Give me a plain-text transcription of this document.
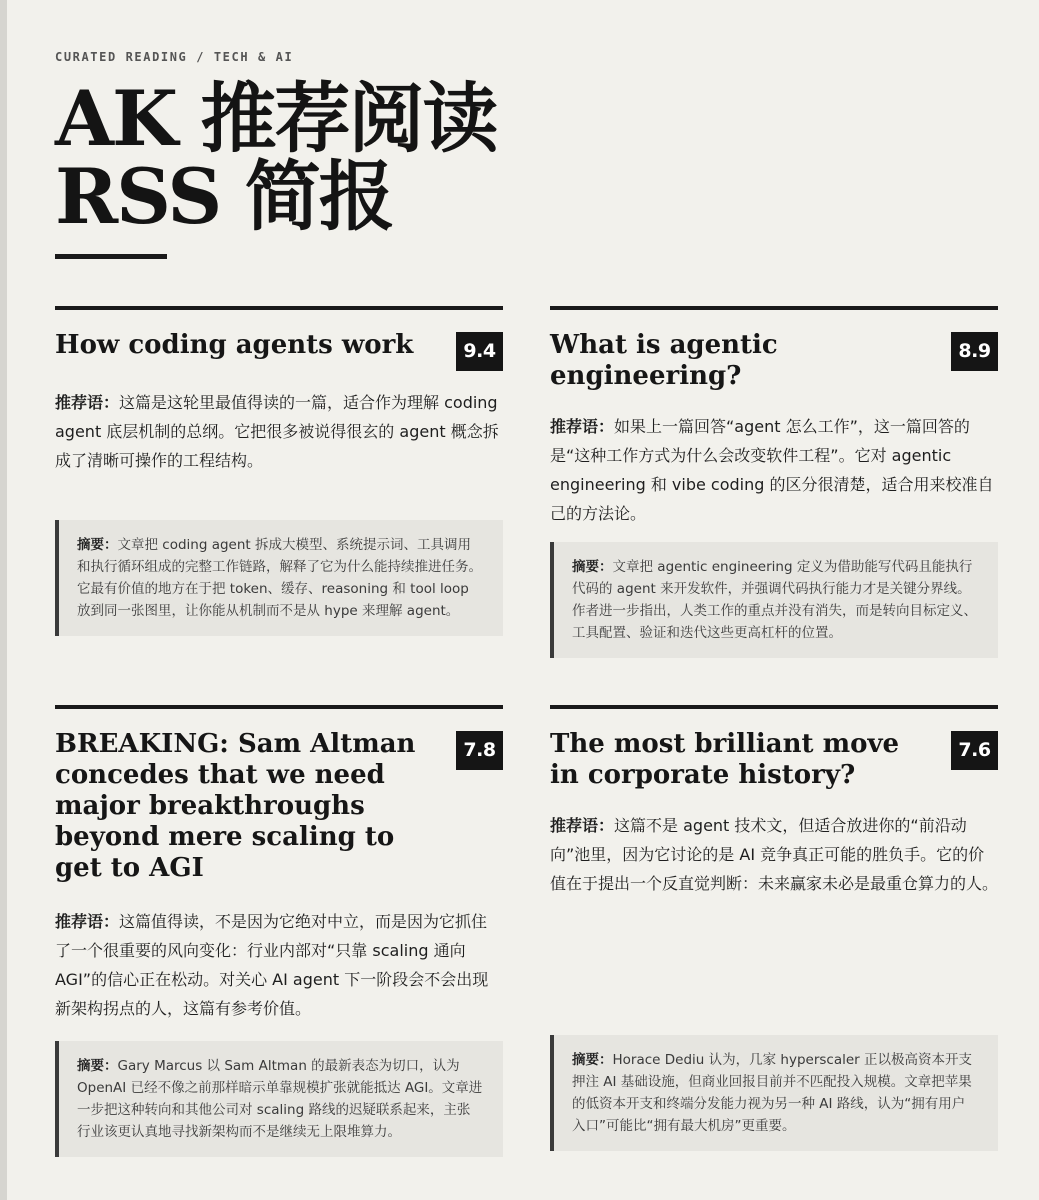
CURATED READING / TECH & AI

AK 推荐阅读
RSS 简报
How coding agents work	9.4

推荐语：这篇是这轮里最值得读的一篇，适合作为理解 coding agent 底层机制的总纲。它把很多被说得很玄的 agent 概念拆成了清晰可操作的工程结构。

摘要：文章把 coding agent 拆成大模型、系统提示词、工具调用和执行循环组成的完整工作链路，解释了它为什么能持续推进任务。它最有价值的地方在于把 token、缓存、reasoning 和 tool loop 放到同一张图里，让你能从机制而不是从 hype 来理解 agent。
What is agentic engineering?
8.9

推荐语：如果上一篇回答“agent 怎么工作”，这一篇回答的是“这种工作方式为什么会改变软件工程”。它对 agentic engineering 和 vibe coding 的区分很清楚，适合用来校准自己的方法论。

摘要：文章把 agentic engineering 定义为借助能写代码且能执行代码的 agent 来开发软件，并强调代码执行能力才是关键分界线。作者进一步指出，人类工作的重点并没有消失，而是转向目标定义、工具配置、验证和迭代这些更高杠杆的位置。
BREAKING: Sam Altman concedes that we need major breakthroughs beyond mere scaling to get to AGI
7.8

推荐语：这篇值得读，不是因为它绝对中立，而是因为它抓住了一个很重要的风向变化：行业内部对“只靠 scaling 通向 AGI”的信心正在松动。对关心 AI agent 下一阶段会不会出现新架构拐点的人，这篇有参考价值。

摘要：Gary Marcus 以 Sam Altman 的最新表态为切口，认为 OpenAI 已经不像之前那样暗示单靠规模扩张就能抵达 AGI。文章进一步把这种转向和其他公司对 scaling 路线的迟疑联系起来，主张行业该更认真地寻找新架构而不是继续无上限堆算力。
The most brilliant move in corporate history?
7.6

推荐语：这篇不是 agent 技术文，但适合放进你的“前沿动向”池里，因为它讨论的是 AI 竞争真正可能的胜负手。它的价值在于提出一个反直觉判断：未来赢家未必是最重仓算力的人。

摘要：Horace Dediu 认为，几家 hyperscaler 正以极高资本开支押注 AI 基础设施，但商业回报目前并不匹配投入规模。文章把苹果的低资本开支和终端分发能力视为另一种 AI 路线，认为“拥有用户入口”可能比“拥有最大机房”更重要。
